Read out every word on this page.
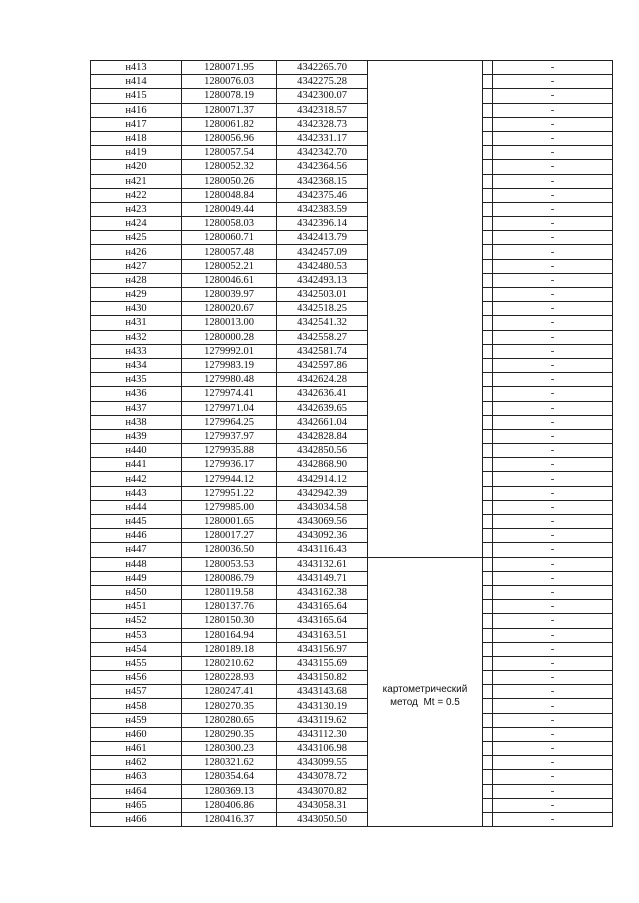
н413	1280071.95	4342265.70			-
н414	1280076.03	4342275.28			-
н415	1280078.19	4342300.07			-
н416	1280071.37	4342318.57			-
н417	1280061.82	4342328.73			-
н418	1280056.96	4342331.17			-
н419	1280057.54	4342342.70			-
н420	1280052.32	4342364.56			-
н421	1280050.26	4342368.15			-
н422	1280048.84	4342375.46			-
н423	1280049.44	4342383.59			-
н424	1280058.03	4342396.14			-
н425	1280060.71	4342413.79			-
н426	1280057.48	4342457.09			-
н427	1280052.21	4342480.53			-
н428	1280046.61	4342493.13			-
н429	1280039.97	4342503.01			-
н430	1280020.67	4342518.25			-
н431	1280013.00	4342541.32			-
н432	1280000.28	4342558.27			-
н433	1279992.01	4342581.74			-
н434	1279983.19	4342597.86			-
н435	1279980.48	4342624.28			-
н436	1279974.41	4342636.41			-
н437	1279971.04	4342639.65			-
н438	1279964.25	4342661.04			-
н439	1279937.97	4342828.84			-
н440	1279935.88	4342850.56			-
н441	1279936.17	4342868.90			-
н442	1279944.12	4342914.12			-
н443	1279951.22	4342942.39			-
н444	1279985.00	4343034.58			-
н445	1280001.65	4343069.56			-
н446	1280017.27	4343092.36			-
н447	1280036.50	4343116.43			-
н448	1280053.53	4343132.61	картометрический
метод  Mt = 0.5		-
н449	1280086.79	4343149.71			-
н450	1280119.58	4343162.38			-
н451	1280137.76	4343165.64			-
н452	1280150.30	4343165.64			-
н453	1280164.94	4343163.51			-
н454	1280189.18	4343156.97			-
н455	1280210.62	4343155.69			-
н456	1280228.93	4343150.82			-
н457	1280247.41	4343143.68			-
н458	1280270.35	4343130.19			-
н459	1280280.65	4343119.62			-
н460	1280290.35	4343112.30			-
н461	1280300.23	4343106.98			-
н462	1280321.62	4343099.55			-
н463	1280354.64	4343078.72			-
н464	1280369.13	4343070.82			-
н465	1280406.86	4343058.31			-
н466	1280416.37	4343050.50			-
